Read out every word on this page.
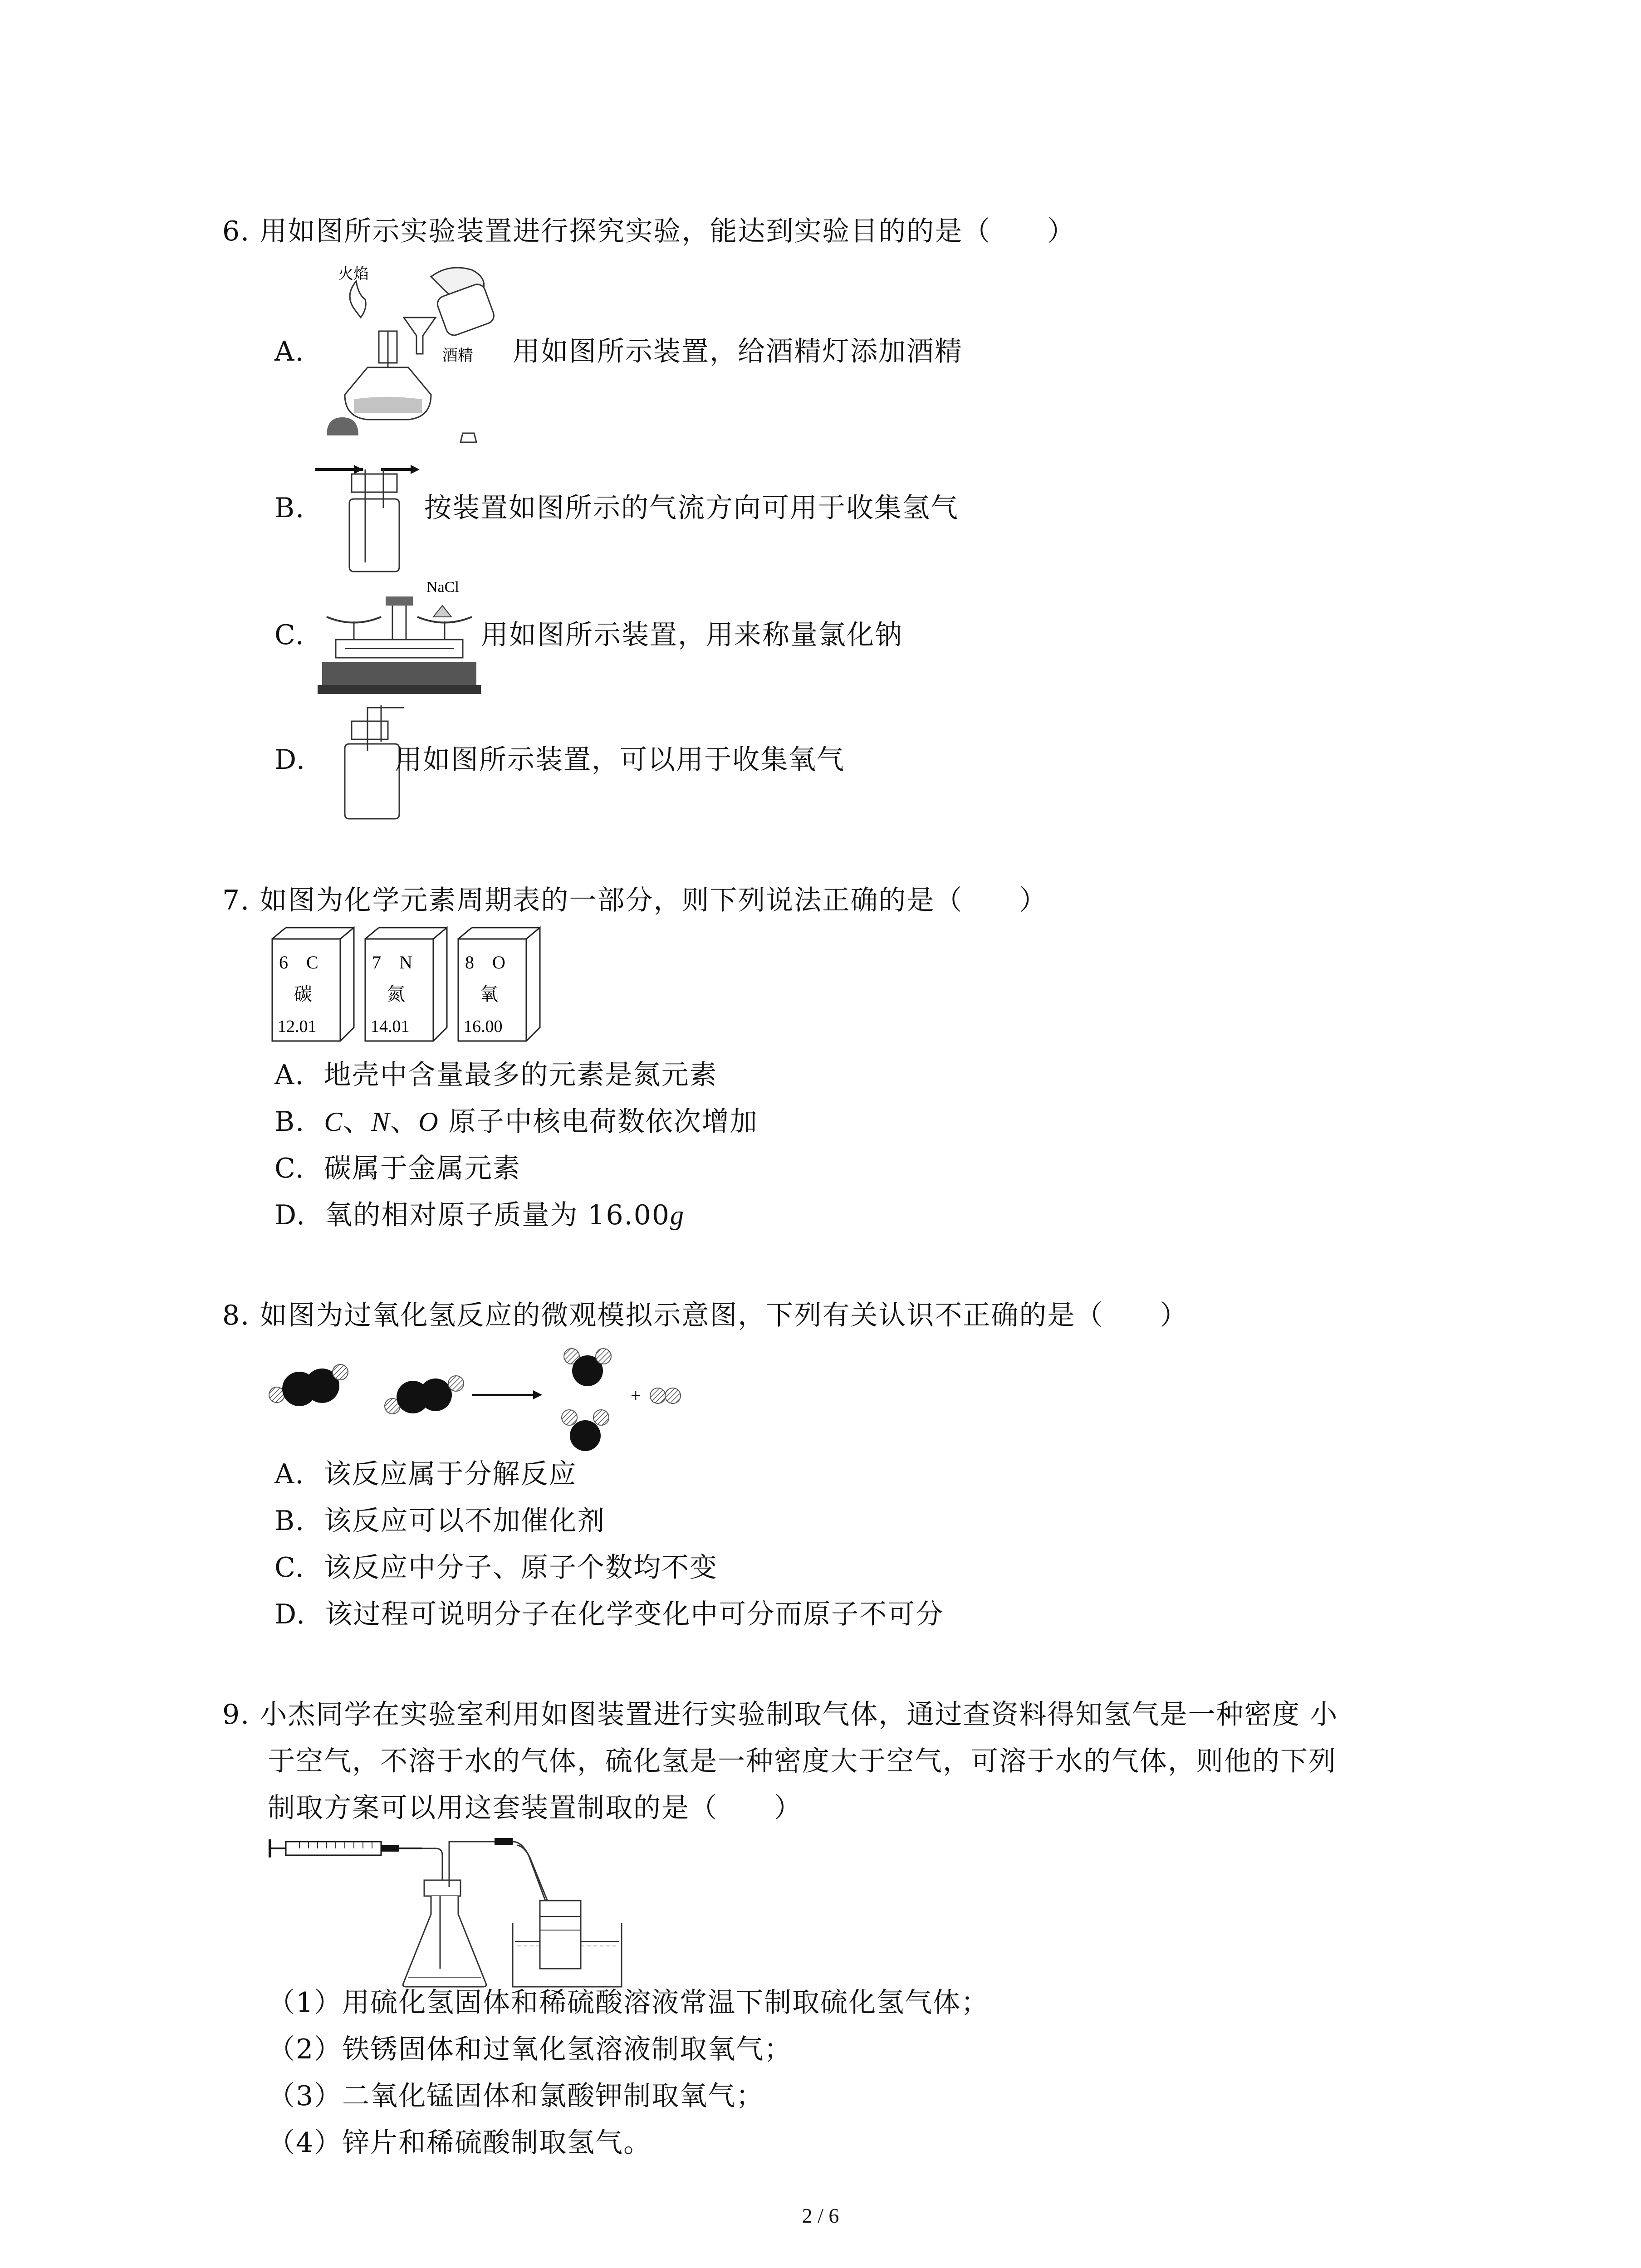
6. 用如图所示实验装置进行探究实验，能达到实验目的的是（　　）
A.
火焰
酒精 用如图所示装置，给酒精灯添加酒精
B.	按装置如图所示的气流方向可用于收集氢气
C.
NaCl
用如图所示装置，用来称量氯化钠
D.	用如图所示装置，可以用于收集氧气
7. 如图为化学元素周期表的一部分，则下列说法正确的是（　　）
6 C
碳
12.01
7 N
氮
14.01
8 O
氧
16.00
A. 地壳中含量最多的元素是氮元素
B. C、N、O 原子中核电荷数依次增加
C. 碳属于金属元素
D. 氧的相对原子质量为 16.00g
8. 如图为过氧化氢反应的微观模拟示意图，下列有关认识不正确的是（　　）
+
A. 该反应属于分解反应
B. 该反应可以不加催化剂
C. 该反应中分子、原子个数均不变
D. 该过程可说明分子在化学变化中可分而原子不可分
9. 小杰同学在实验室利用如图装置进行实验制取气体，通过查资料得知氢气是一种密度 小
于空气，不溶于水的气体，硫化氢是一种密度大于空气，可溶于水的气体，则他的下列
制取方案可以用这套装置制取的是（　　）
（1）用硫化氢固体和稀硫酸溶液常温下制取硫化氢气体；
（2）铁锈固体和过氧化氢溶液制取氧气；
（3）二氧化锰固体和氯酸钾制取氧气；
（4）锌片和稀硫酸制取氢气。
2 / 6
